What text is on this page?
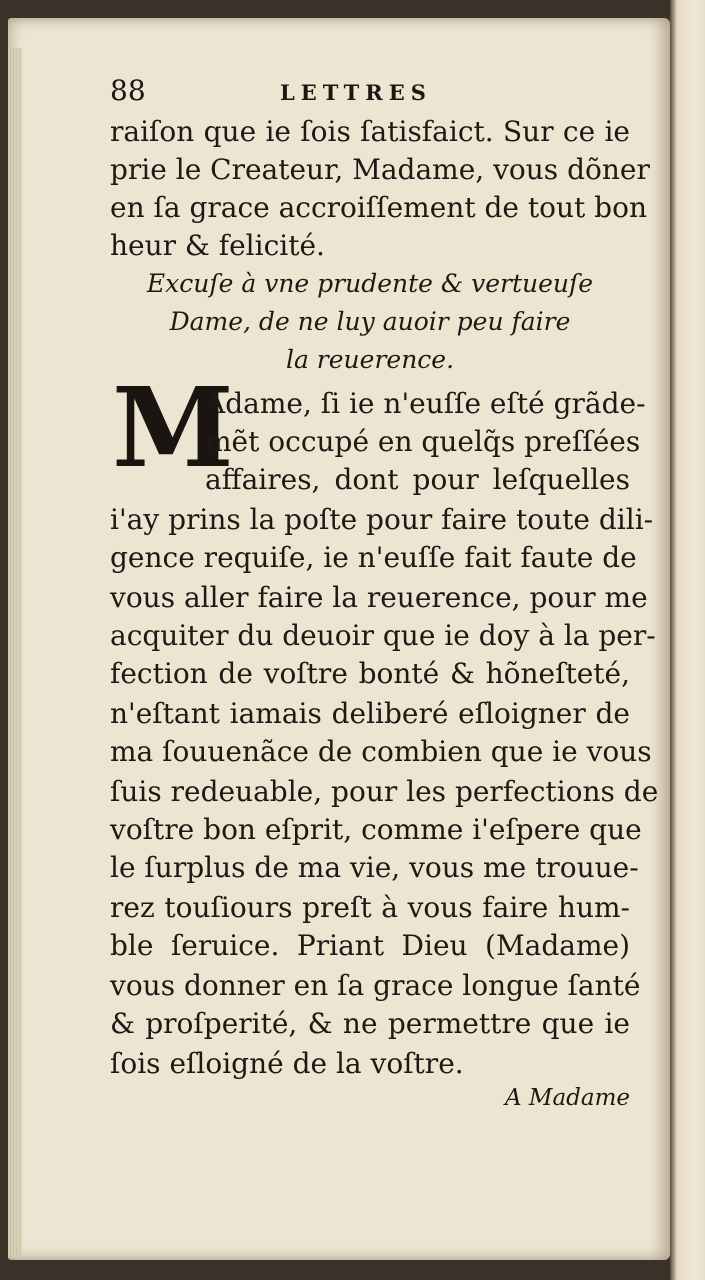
88	LETTRES
raiſon que ie ſois ſatisfaict. Sur ce ie
prie le Createur, Madame, vous dõner
en ſa grace accroiſſement de tout bon
heur & felicité.
Excuſe à vne prudente & vertueuſe
Dame, de ne luy auoir peu faire
la reuerence.
M
Adame, ſi ie n'euſſe eſté grãde-
mẽt occupé en quelq̃s preſſées
affaires, dont pour leſquelles
i'ay prins la poſte pour faire toute dili-
gence requiſe, ie n'euſſe fait faute de
vous aller faire la reuerence, pour me
acquiter du deuoir que ie doy à la per-
fection de voſtre bonté & hõneſteté,
n'eſtant iamais deliberé eſloigner de
ma ſouuenãce de combien que ie vous
ſuis redeuable, pour les perfections de
voſtre bon eſprit, comme i'eſpere que
le ſurplus de ma vie, vous me trouue-
rez touſiours preſt à vous faire hum-
ble ſeruice. Priant Dieu (Madame)
vous donner en ſa grace longue ſanté
& proſperité, & ne permettre que ie
ſois eſloigné de la voſtre.
A Madame
